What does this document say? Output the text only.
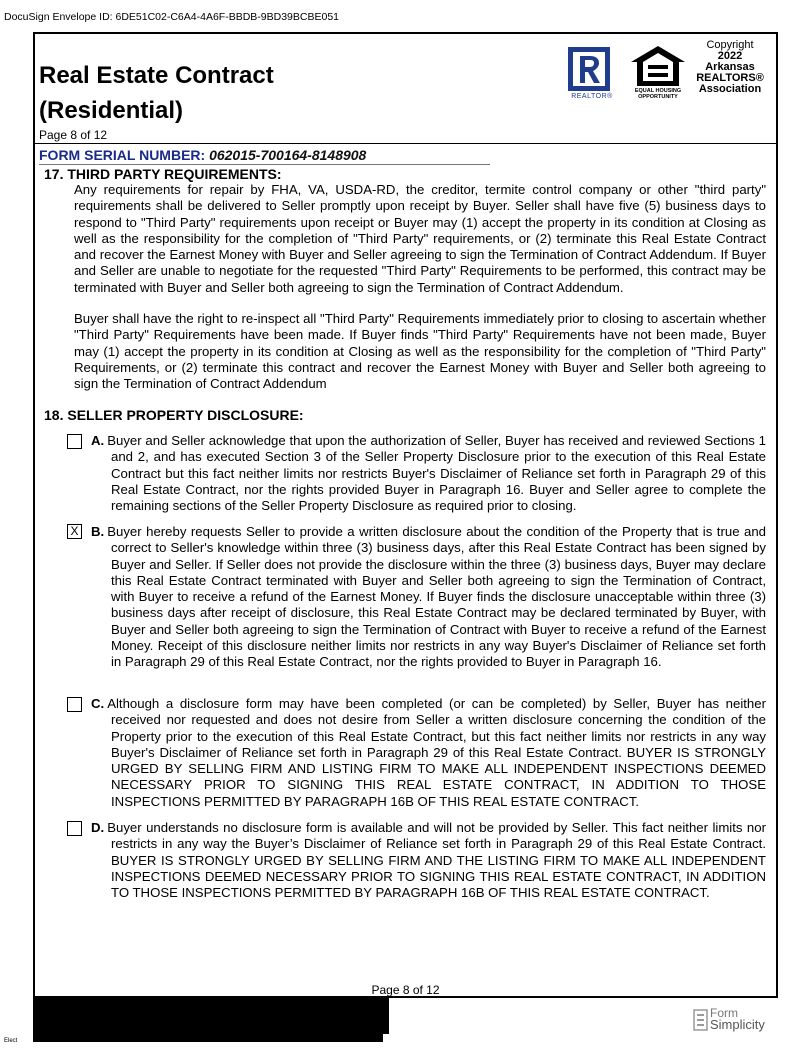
DocuSign Envelope ID: 6DE51C02-C6A4-4A6F-BBDB-9BD39BCBE051
Real Estate Contract
(Residential)
Page 8 of 12
REALTOR®
EQUAL HOUSING
OPPORTUNITY
Copyright
2022
Arkansas
REALTORS®
Association
FORM SERIAL NUMBER: 062015-700164-8148908
17. THIRD PARTY REQUIREMENTS:

Any requirements for repair by FHA, VA, USDA-RD, the creditor, termite control company or other "third party" requirements shall be delivered to Seller promptly upon receipt by Buyer. Seller shall have five (5) business days to respond to "Third Party" requirements upon receipt or Buyer may (1) accept the property in its condition at Closing as well as the responsibility for the completion of "Third Party" requirements, or (2) terminate this Real Estate Contract and recover the Earnest Money with Buyer and Seller agreeing to sign the Termination of Contract Addendum. If Buyer and Seller are unable to negotiate for the requested "Third Party" Requirements to be performed, this contract may be terminated with Buyer and Seller both agreeing to sign the Termination of Contract Addendum.

Buyer shall have the right to re-inspect all "Third Party" Requirements immediately prior to closing to ascertain whether "Third Party" Requirements have been made. If Buyer finds "Third Party" Requirements have not been made, Buyer may (1) accept the property in its condition at Closing as well as the responsibility for the completion of "Third Party" Requirements, or (2) terminate this contract and recover the Earnest Money with Buyer and Seller both agreeing to sign the Termination of Contract Addendum

18. SELLER PROPERTY DISCLOSURE:
A. Buyer and Seller acknowledge that upon the authorization of Seller, Buyer has received and reviewed Sections 1 and 2, and has executed Section 3 of the Seller Property Disclosure prior to the execution of this Real Estate Contract but this fact neither limits nor restricts Buyer's Disclaimer of Reliance set forth in Paragraph 29 of this Real Estate Contract, nor the rights provided Buyer in Paragraph 16. Buyer and Seller agree to complete the remaining sections of the Seller Property Disclosure as required prior to closing.
X B. Buyer hereby requests Seller to provide a written disclosure about the condition of the Property that is true and correct to Seller's knowledge within three (3) business days, after this Real Estate Contract has been signed by Buyer and Seller. If Seller does not provide the disclosure within the three (3) business days, Buyer may declare this Real Estate Contract terminated with Buyer and Seller both agreeing to sign the Termination of Contract, with Buyer to receive a refund of the Earnest Money. If Buyer finds the disclosure unacceptable within three (3) business days after receipt of disclosure, this Real Estate Contract may be declared terminated by Buyer, with Buyer and Seller both agreeing to sign the Termination of Contract with Buyer to receive a refund of the Earnest Money. Receipt of this disclosure neither limits nor restricts in any way Buyer's Disclaimer of Reliance set forth in Paragraph 29 of this Real Estate Contract, nor the rights provided to Buyer in Paragraph 16.
C. Although a disclosure form may have been completed (or can be completed) by Seller, Buyer has neither received nor requested and does not desire from Seller a written disclosure concerning the condition of the Property prior to the execution of this Real Estate Contract, but this fact neither limits nor restricts in any way Buyer's Disclaimer of Reliance set forth in Paragraph 29 of this Real Estate Contract. BUYER IS STRONGLY URGED BY SELLING FIRM AND LISTING FIRM TO MAKE ALL INDEPENDENT INSPECTIONS DEEMED NECESSARY PRIOR TO SIGNING THIS REAL ESTATE CONTRACT, IN ADDITION TO THOSE INSPECTIONS PERMITTED BY PARAGRAPH 16B OF THIS REAL ESTATE CONTRACT.
D. Buyer understands no disclosure form is available and will not be provided by Seller. This fact neither limits nor restricts in any way the Buyer’s Disclaimer of Reliance set forth in Paragraph 29 of this Real Estate Contract. BUYER IS STRONGLY URGED BY SELLING FIRM AND THE LISTING FIRM TO MAKE ALL INDEPENDENT INSPECTIONS DEEMED NECESSARY PRIOR TO SIGNING THIS REAL ESTATE CONTRACT, IN ADDITION TO THOSE INSPECTIONS PERMITTED BY PARAGRAPH 16B OF THIS REAL ESTATE CONTRACT.
Page 8 of 12
Elect
Form
Simplicity
